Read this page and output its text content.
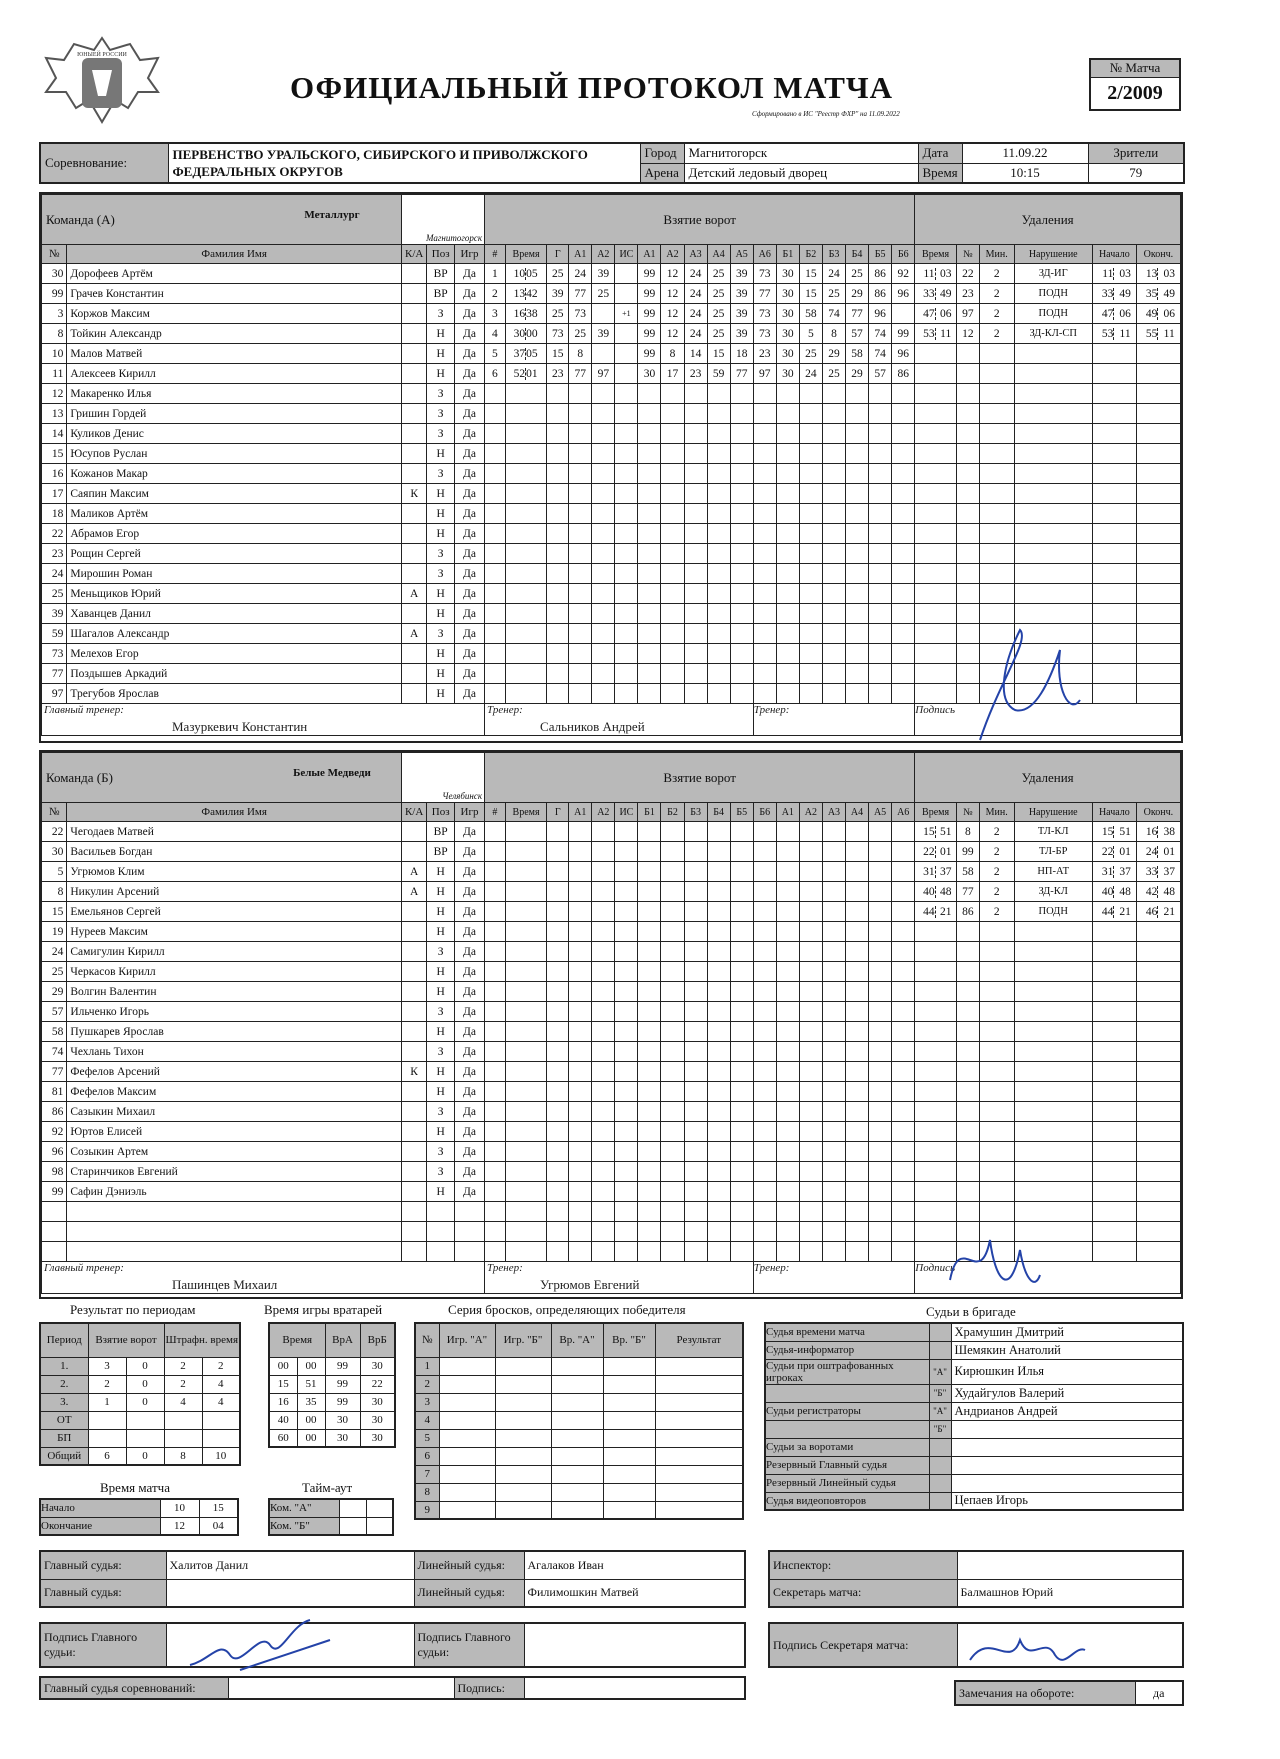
ЮНЫЕЙ РОССИИ
ОФИЦИАЛЬНЫЙ ПРОТОКОЛ МАТЧА
Сформировано в ИС "Реестр ФХР" на 11.09.2022
№ Матча
2/2009
Соревнование:	ПЕРВЕНСТВО УРАЛЬСКОГО, СИБИРСКОГО И ПРИВОЛЖСКОГО ФЕДЕРАЛЬНЫХ ОКРУГОВ	Город	Магнитогорск	Дата	11.09.22	Зрители
		Арена	Детский ледовый дворец	Время	10:15	79
Команда (А)		Металлург
Магнитогорск			Взятие ворот																		Удаления					
№	Фамилия Имя	К/А	Поз	Игр	#	Время	Г	А1	А2	ИС	А1	А2	А3	А4	А5	А6	Б1	Б2	Б3	Б4	Б5	Б6	Время	№	Мин.	Нарушение	Начало	Оконч.
30	Дорофеев Артём		ВР	Да	1	1005	25	24	39		99	12	24	25	39	73	30	15	24	25	86	92	11 03	22	2	ЗД-ИГ	11 03	13 03
99	Грачев Константин		ВР	Да	2	1342	39	77	25		99	12	24	25	39	77	30	15	25	29	86	96	33 49	23	2	ПОДН	33 49	35 49
3	Коржов Максим		З	Да	3	1638	25	73		+1	99	12	24	25	39	73	30	58	74	77	96		47 06	97	2	ПОДН	47 06	49 06
8	Тойкин Александр		Н	Да	4	3000	73	25	39		99	12	24	25	39	73	30	5	8	57	74	99	53 11	12	2	ЗД-КЛ-СП	53 11	55 11
10	Малов Матвей		Н	Да	5	3705	15	8			99	8	14	15	18	23	30	25	29	58	74	96						
11	Алексеев Кирилл		Н	Да	6	5201	23	77	97		30	17	23	59	77	97	30	24	25	29	57	86						
12	Макаренко Илья		З	Да																								
13	Гришин Гордей		З	Да																								
14	Куликов Денис		З	Да																								
15	Юсупов Руслан		Н	Да																								
16	Кожанов Макар		З	Да																								
17	Саяпин Максим	К	Н	Да																								
18	Маликов Артём		Н	Да																								
22	Абрамов Егор		Н	Да																								
23	Рощин Сергей		З	Да																								
24	Мирошин Роман		З	Да																								
25	Меньщиков Юрий	А	Н	Да																								
39	Хаванцев Данил		Н	Да																								
59	Шагалов Александр	А	З	Да																								
73	Мелехов Егор		Н	Да																								
77	Поздышев Аркадий		Н	Да																								
97	Трегубов Ярослав		Н	Да																								

Главный тренер:
Мазуркевич Константин					Тренер:
Сальников Андрей											Тренер:							Подпись					
Команда (Б)		Белые Медведи
Челябинск			Взятие ворот																		Удаления					
№	Фамилия Имя	К/А	Поз	Игр	#	Время	Г	А1	А2	ИС	Б1	Б2	Б3	Б4	Б5	Б6	А1	А2	А3	А4	А5	А6	Время	№	Мин.	Нарушение	Начало	Оконч.
22	Чегодаев Матвей		ВР	Да																			15 51	8	2	ТЛ-КЛ	15 51	16 38
30	Васильев Богдан		ВР	Да																			22 01	99	2	ТЛ-БР	22 01	24 01
5	Угрюмов Клим	А	Н	Да																			31 37	58	2	НП-АТ	31 37	33 37
8	Никулин Арсений	А	Н	Да																			40 48	77	2	ЗД-КЛ	40 48	42 48
15	Емельянов Сергей		Н	Да																			44 21	86	2	ПОДН	44 21	46 21
19	Нуреев Максим		Н	Да																								
24	Самигулин Кирилл		З	Да																								
25	Черкасов Кирилл		Н	Да																								
29	Волгин Валентин		Н	Да																								
57	Ильченко Игорь		З	Да																								
58	Пушкарев Ярослав		Н	Да																								
74	Чехлань Тихон		З	Да																								
77	Фефелов Арсений	К	Н	Да																								
81	Фефелов Максим		Н	Да																								
86	Сазыкин Михаил		З	Да																								
92	Юртов Елисей		Н	Да																								
96	Созыкин Артем		З	Да																								
98	Старинчиков Евгений		З	Да																								
99	Сафин Дэниэль		Н	Да																								

Главный тренер:
Пашинцев Михаил					Тренер:
Угрюмов Евгений											Тренер:							Подпись					
Результат по периодам
Период	Взятие ворот		Штрафн. время	
1.	3	0	2	2
2.	2	0	2	4
3.	1	0	4	4
ОТ				
БП				
Общий	6	0	8	10
Время игры вратарей
Время		ВрА	ВрБ
00	00	99	30
15	51	99	22
16	35	99	30
40	00	30	30
60	00	30	30
Время матча
Начало	10	15
Окончание	12	04
Тайм-аут
Ком. "А"		
Ком. "Б"		
Серия бросков, определяющих победителя
№	Игр. "А"	Игр. "Б"	Вр. "А"	Вр. "Б"	Результат
1					
2					
3					
4					
5					
6					
7					
8					
9					
Судьи в бригаде
Судья времени матча		Храмушин Дмитрий
Судья-информатор		Шемякин Анатолий
Судьи при оштрафованных игроках	"А"	Кирюшкин Илья
	"Б"	Худайгулов Валерий
Судьи регистраторы	"А"	Андрианов Андрей
	"Б"	
Судьи за воротами		
Резервный Главный судья		
Резервный Линейный судья		
Судья видеоповторов		Цепаев Игорь
Главный судья:	Халитов Данил	Линейный судья:	Агалаков Иван
Главный судья:		Линейный судья:	Филимошкин Матвей
Инспектор:	
Секретарь матча:	Балмашнов Юрий
Подпись Главного судьи:		Подпись Главного судьи:	
Подпись Секретаря матча:	
Главный судья соревнований:		Подпись:		Замечания на обороте:	да
